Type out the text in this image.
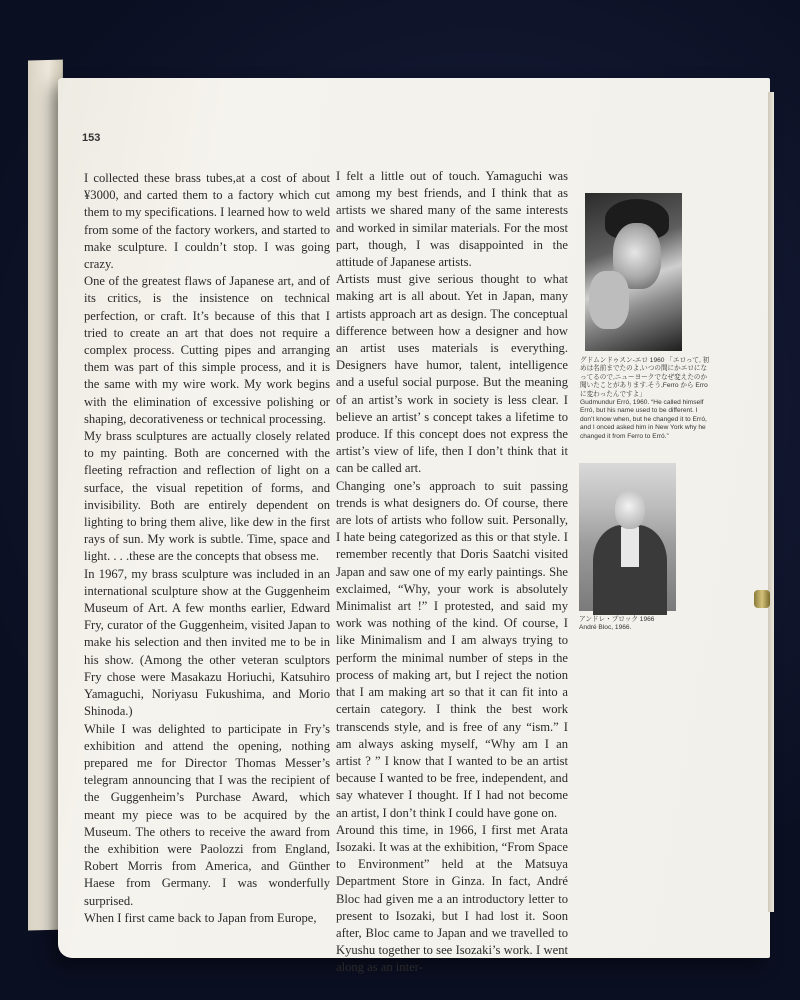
153

I collected these brass tubes,at a cost of about ¥3000, and carted them to a factory which cut them to my specifications. I learned how to weld from some of the factory workers, and started to make sculpture. I couldn’t stop. I was going crazy.

One of the greatest flaws of Japanese art, and of its critics, is the insistence on technical perfection, or craft. It’s because of this that I tried to create an art that does not require a complex process. Cutting pipes and arranging them was part of this simple process, and it is the same with my wire work. My work begins with the elimination of excessive polishing or shaping, decorativeness or technical processing.

My brass sculptures are actually closely related to my painting. Both are concerned with the fleeting refraction and reflection of light on a surface, the visual repetition of forms, and invisibility. Both are entirely dependent on lighting to bring them alive, like dew in the first rays of sun. My work is subtle. Time, space and light. . . .these are the concepts that obsess me.

In 1967, my brass sculpture was included in an international sculpture show at the Guggenheim Museum of Art. A few months earlier, Edward Fry, curator of the Guggenheim, visited Japan to make his selection and then invited me to be in his show. (Among the other veteran sculptors Fry chose were Masakazu Horiuchi, Katsuhiro Yamaguchi, Noriyasu Fukushima, and Morio Shinoda.)

While I was delighted to participate in Fry’s exhibition and attend the opening, nothing prepared me for Director Thomas Messer’s telegram announcing that I was the recipient of the Guggenheim’s Purchase Award, which meant my piece was to be acquired by the Museum. The others to receive the award from the exhibition were Paolozzi from England, Robert Morris from America, and Günther Haese from Germany. I was wonderfully surprised.

When I first came back to Japan from Europe,

I felt a little out of touch. Yamaguchi was among my best friends, and I think that as artists we shared many of the same interests and worked in similar materials. For the most part, though, I was disappointed in the attitude of Japanese artists.

Artists must give serious thought to what making art is all about. Yet in Japan, many artists approach art as design. The conceptual difference between how a designer and how an artist uses materials is everything. Designers have humor, talent, intelligence and a useful social purpose. But the meaning of an artist’s work in society is less clear. I believe an artist’ s concept takes a lifetime to produce. If this concept does not express the artist’s view of life, then I don’t think that it can be called art.

Changing one’s approach to suit passing trends is what designers do. Of course, there are lots of artists who follow suit. Personally, I hate being categorized as this or that style. I remember recently that Doris Saatchi visited Japan and saw one of my early paintings. She exclaimed, “Why, your work is absolutely Minimalist art !” I protested, and said my work was nothing of the kind. Of course, I like Minimalism and I am always trying to perform the minimal number of steps in the process of making art, but I reject the notion that I am making art so that it can fit into a certain category. I think the best work transcends style, and is free of any “ism.” I am always asking myself, “Why am I an artist ? ” I know that I wanted to be an artist because I wanted to be free, independent, and say whatever I thought. If I had not become an artist, I don’t think I could have gone on.

Around this time, in 1966, I first met Arata Isozaki. It was at the exhibition, “From Space to Environment” held at the Matsuya Department Store in Ginza. In fact, André Bloc had given me a an introductory letter to present to Isozaki, but I had lost it. Soon after, Bloc came to Japan and we travelled to Kyushu together to see Isozaki’s work. I went along as an inter-

グドムンドゥスン-エロ 1960 「エロって, 初めは名前までたのよ,いつの間にかエロになってるので,ニューヨークでなぜ変えたのか聞いたことがあります.そう,Ferro から Erroに変わったんですよ」
Gudmundur Erró, 1960. “He called himself Erró, but his name used to be different. I don’t know when, but he changed it to Erró, and I onced asked him in New York why he changed it from Ferro to Erró.”
アンドレ・ブロック 1966
André Bloc, 1966.
